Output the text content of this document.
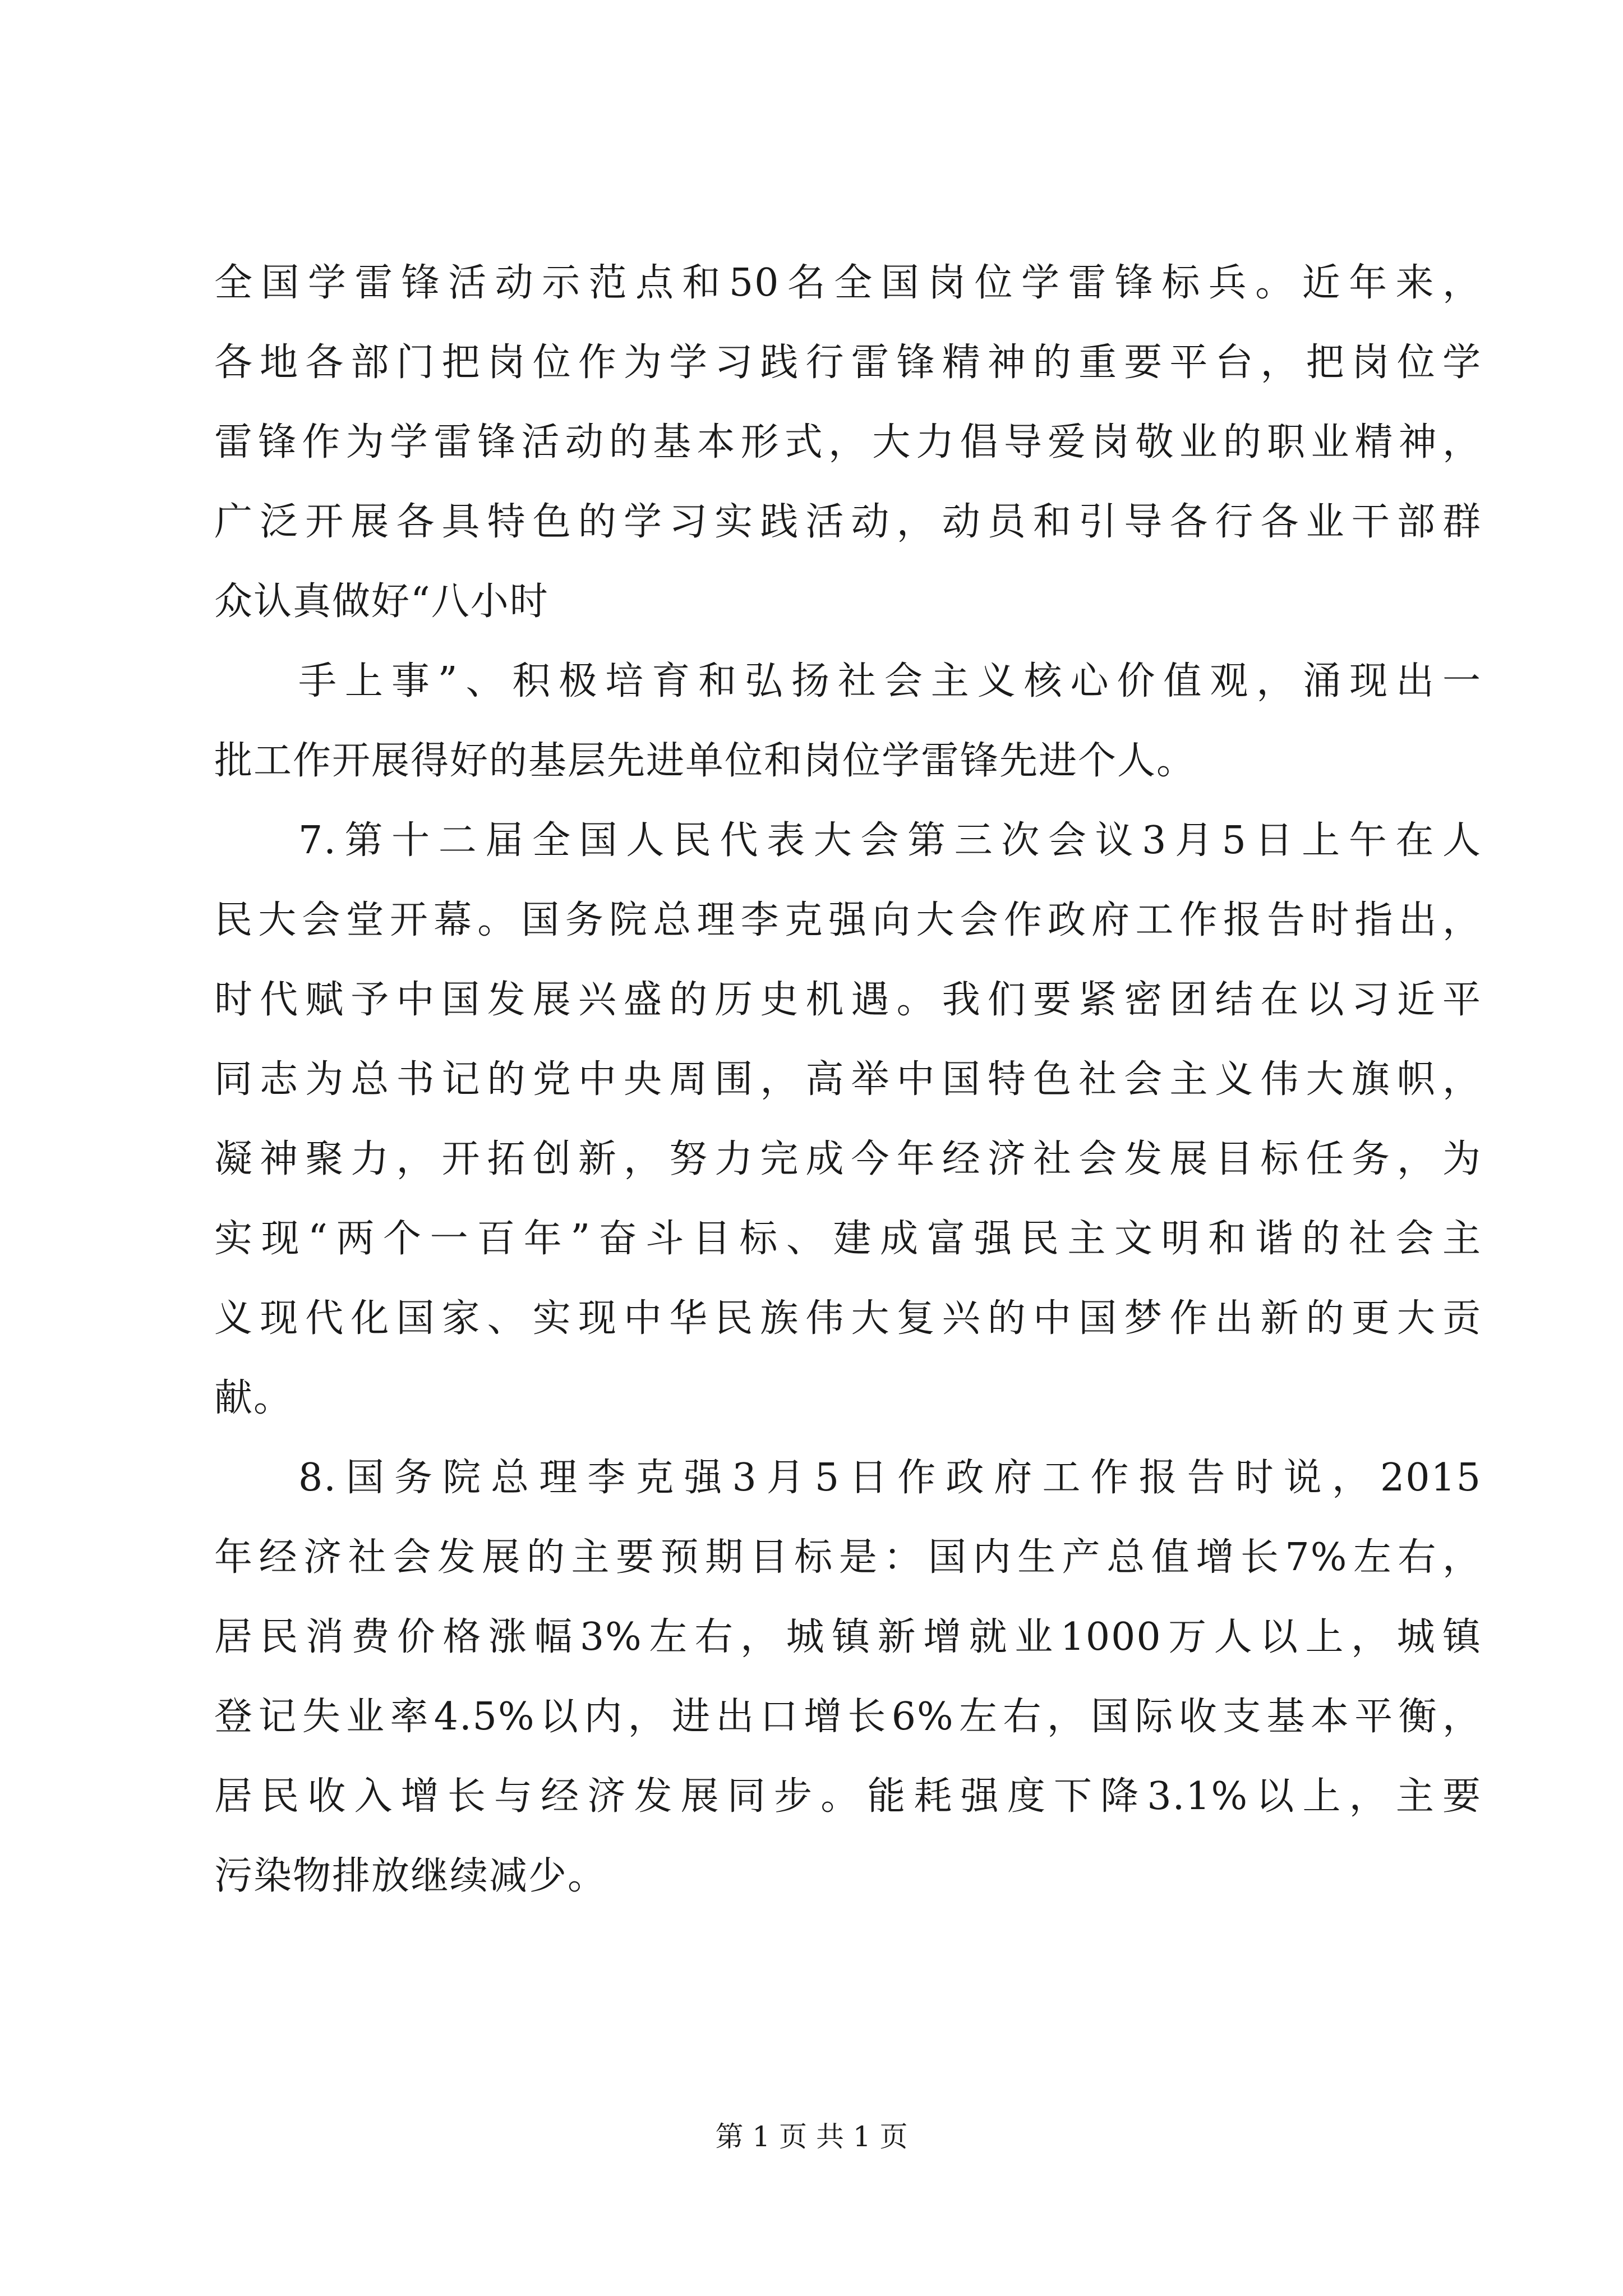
全国学雷锋活动示范点和50名全国岗位学雷锋标兵。近年来，
各地各部门把岗位作为学习践行雷锋精神的重要平台，把岗位学
雷锋作为学雷锋活动的基本形式，大力倡导爱岗敬业的职业精神，
广泛开展各具特色的学习实践活动，动员和引导各行各业干部群
众认真做好“八小时
手上事”、积极培育和弘扬社会主义核心价值观，涌现出一
批工作开展得好的基层先进单位和岗位学雷锋先进个人。
7.第十二届全国人民代表大会第三次会议3月5日上午在人
民大会堂开幕。国务院总理李克强向大会作政府工作报告时指出，
时代赋予中国发展兴盛的历史机遇。我们要紧密团结在以习近平
同志为总书记的党中央周围，高举中国特色社会主义伟大旗帜，
凝神聚力，开拓创新，努力完成今年经济社会发展目标任务，为
实现“两个一百年”奋斗目标、建成富强民主文明和谐的社会主
义现代化国家、实现中华民族伟大复兴的中国梦作出新的更大贡
献。
8.国务院总理李克强3月5日作政府工作报告时说，2015
年经济社会发展的主要预期目标是：国内生产总值增长7%左右，
居民消费价格涨幅3%左右，城镇新增就业1000万人以上，城镇
登记失业率4.5%以内，进出口增长6%左右，国际收支基本平衡，
居民收入增长与经济发展同步。能耗强度下降3.1%以上，主要
污染物排放继续减少。
第 1 页 共 1 页
